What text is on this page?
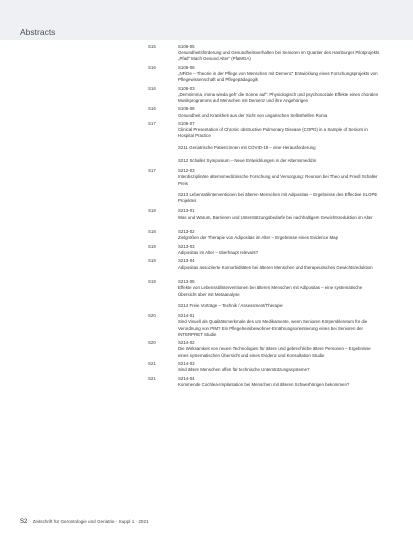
Abstracts
S15	S106-05
Gesundheitsförderung und Gesundheitsverhalten bei Senioren im Quartier des Hamburger Pilotprojekts „Pfad“ Mach Gesund Alter“ (PfaMGA)
S16	S106-06
„NFiDe – Theorie in der Pflege von Menschen mit Demenz“ Entwicklung eines Forschungsprojekts von Pflegewissenschaft und Pflegepädagogik
S16	S106-03
„Demnimma, imma wieda geh’ die Sonne auf“: Physiologisch und psychosoziale Effekte eines choralen Musikprogramms auf Menschen mit Demenz und ihre Angehörigen
S16	S106-08
Gesundheit und Krankheit aus der Sicht von ungarischen Selbsthelfen Roma
S17	S106-07
Clinical Presentation of Chronic obstructive Pulmonary Disease (COPD) in a Sample of Seniors in Hospital Practice
S211 Geriatrische Patient:innen mit COVID-19 – eine Herausforderung
S212 Schaller Symposium – Neue Entwicklungen in der Alternsmedizin
S17	S212-03
Interdisziplinäre alternsmedizinische Forschung und Versorgung: Reunion bei Theo und Friedl Schaller Preis
S213 Lebensstilinterventionen bei älteren Menschen mit Adipositas – Ergebnisse des Effective SLOPE Projektes
S18	S213-01
Was und Warum, Barrieren und Unterstützungsbedarfe bei nachhaltigem Gewichtsreduktion im Alter
S18	S213-02
Zielgrößen der Therapie von Adipositas im Alter – Ergebnisse eines Evidence Map
S19	S213-03
Adipositas im Alter – überhaupt relevant?
S19	S213-04
Adipositas assoziierte Komorbiditäten bei älteren Menschen und therapeutisches Gewichtsreduktion
S19	S213-05
Effekte von Lebensstilinterventionen bei älteren Menschen mit Adipositas – eine systematische Übersicht über mit Metaanalyse
S214 Freie Vorträge – Technik / Assessment/Therapie
S20	S214-01
Sind Visuell als Qualitätsmerkmale des um Medikamente, wenn Senioren Körperskleretum für die Verordnung von PIM? Ein Pflegeheimbewohner-Ernährungsorientierung eines bei Senioren der INTERPRET Studie
S20	S214-02
Die Wirksamkeit von neuen Technologien für ältere und gebrechliche ältere Personen – Ergebnisse eines systematischen Übersicht und eines Evidenz und Konsultation Studie
S21	S214-03
Sind ältere Menschen offen für technische Unterstützungssysteme?
S21	S214-04
Kommende Cochlea-Implantation bei Menschen mit älteren Schwerhörigen bekommen?
S2 Zeitschrift für Gerontologie und Geriatrie · Suppl 1 · 2021
